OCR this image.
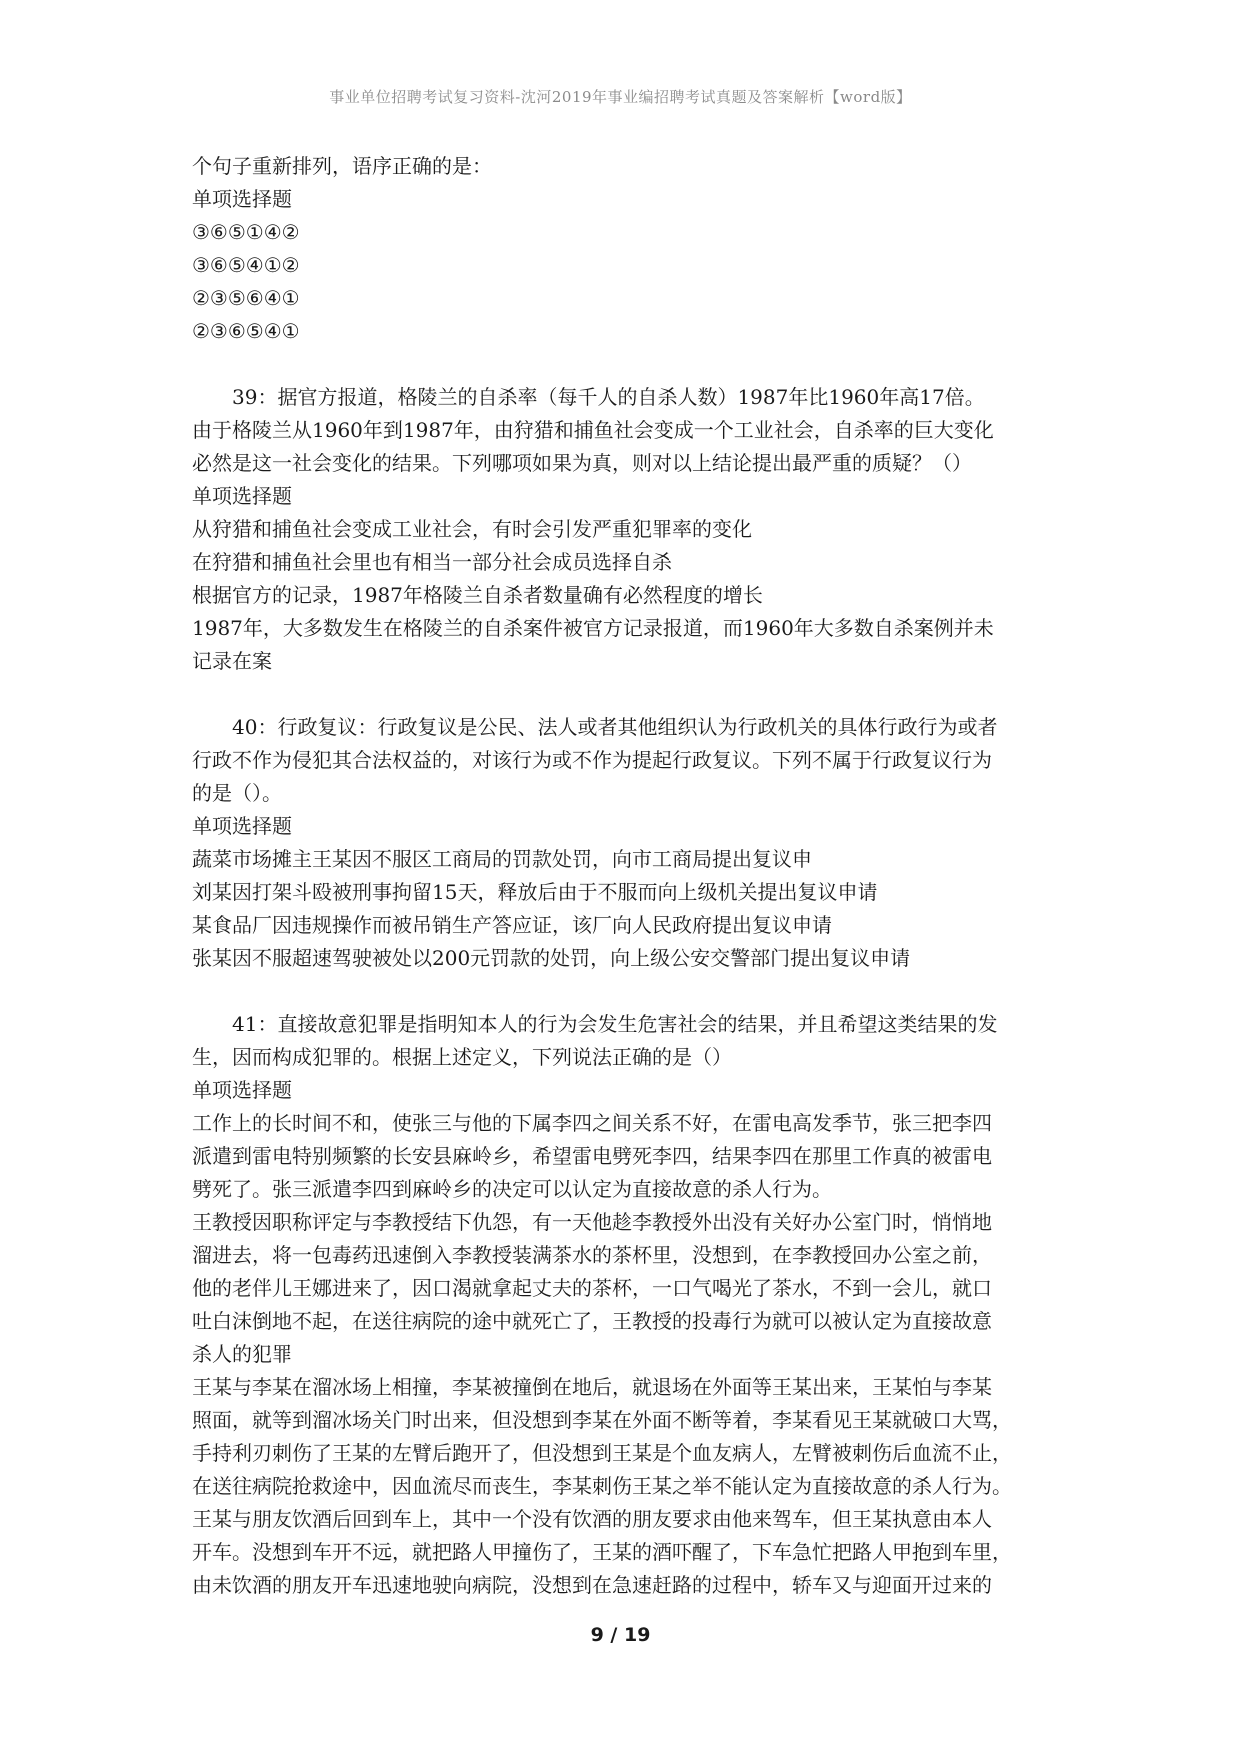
事业单位招聘考试复习资料-沈河2019年事业编招聘考试真题及答案解析【word版】
个句子重新排列，语序正确的是：
单项选择题
③⑥⑤①④②
③⑥⑤④①②
②③⑤⑥④①
②③⑥⑤④①
39：据官方报道，格陵兰的自杀率（每千人的自杀人数）1987年比1960年高17倍。
由于格陵兰从1960年到1987年，由狩猎和捕鱼社会变成一个工业社会，自杀率的巨大变化
必然是这一社会变化的结果。下列哪项如果为真，则对以上结论提出最严重的质疑？（）
单项选择题
从狩猎和捕鱼社会变成工业社会，有时会引发严重犯罪率的变化
在狩猎和捕鱼社会里也有相当一部分社会成员选择自杀
根据官方的记录，1987年格陵兰自杀者数量确有必然程度的增长
1987年，大多数发生在格陵兰的自杀案件被官方记录报道，而1960年大多数自杀案例并未
记录在案
40：行政复议：行政复议是公民、法人或者其他组织认为行政机关的具体行政行为或者
行政不作为侵犯其合法权益的，对该行为或不作为提起行政复议。下列不属于行政复议行为
的是（）。
单项选择题
蔬菜市场摊主王某因不服区工商局的罚款处罚，向市工商局提出复议申
刘某因打架斗殴被刑事拘留15天，释放后由于不服而向上级机关提出复议申请
某食品厂因违规操作而被吊销生产答应证，该厂向人民政府提出复议申请
张某因不服超速驾驶被处以200元罚款的处罚，向上级公安交警部门提出复议申请
41：直接故意犯罪是指明知本人的行为会发生危害社会的结果，并且希望这类结果的发
生，因而构成犯罪的。根据上述定义，下列说法正确的是（）
单项选择题
工作上的长时间不和，使张三与他的下属李四之间关系不好，在雷电高发季节，张三把李四
派遣到雷电特别频繁的长安县麻岭乡，希望雷电劈死李四，结果李四在那里工作真的被雷电
劈死了。张三派遣李四到麻岭乡的决定可以认定为直接故意的杀人行为。
王教授因职称评定与李教授结下仇怨，有一天他趁李教授外出没有关好办公室门时，悄悄地
溜进去，将一包毒药迅速倒入李教授装满茶水的茶杯里，没想到，在李教授回办公室之前，
他的老伴儿王娜进来了，因口渴就拿起丈夫的茶杯，一口气喝光了茶水，不到一会儿，就口
吐白沫倒地不起，在送往病院的途中就死亡了，王教授的投毒行为就可以被认定为直接故意
杀人的犯罪
王某与李某在溜冰场上相撞，李某被撞倒在地后，就退场在外面等王某出来，王某怕与李某
照面，就等到溜冰场关门时出来，但没想到李某在外面不断等着，李某看见王某就破口大骂，
手持利刃刺伤了王某的左臂后跑开了，但没想到王某是个血友病人，左臂被刺伤后血流不止，
在送往病院抢救途中，因血流尽而丧生，李某刺伤王某之举不能认定为直接故意的杀人行为。
王某与朋友饮酒后回到车上，其中一个没有饮酒的朋友要求由他来驾车，但王某执意由本人
开车。没想到车开不远，就把路人甲撞伤了，王某的酒吓醒了，下车急忙把路人甲抱到车里，
由未饮酒的朋友开车迅速地驶向病院，没想到在急速赶路的过程中，轿车又与迎面开过来的
9 / 19
